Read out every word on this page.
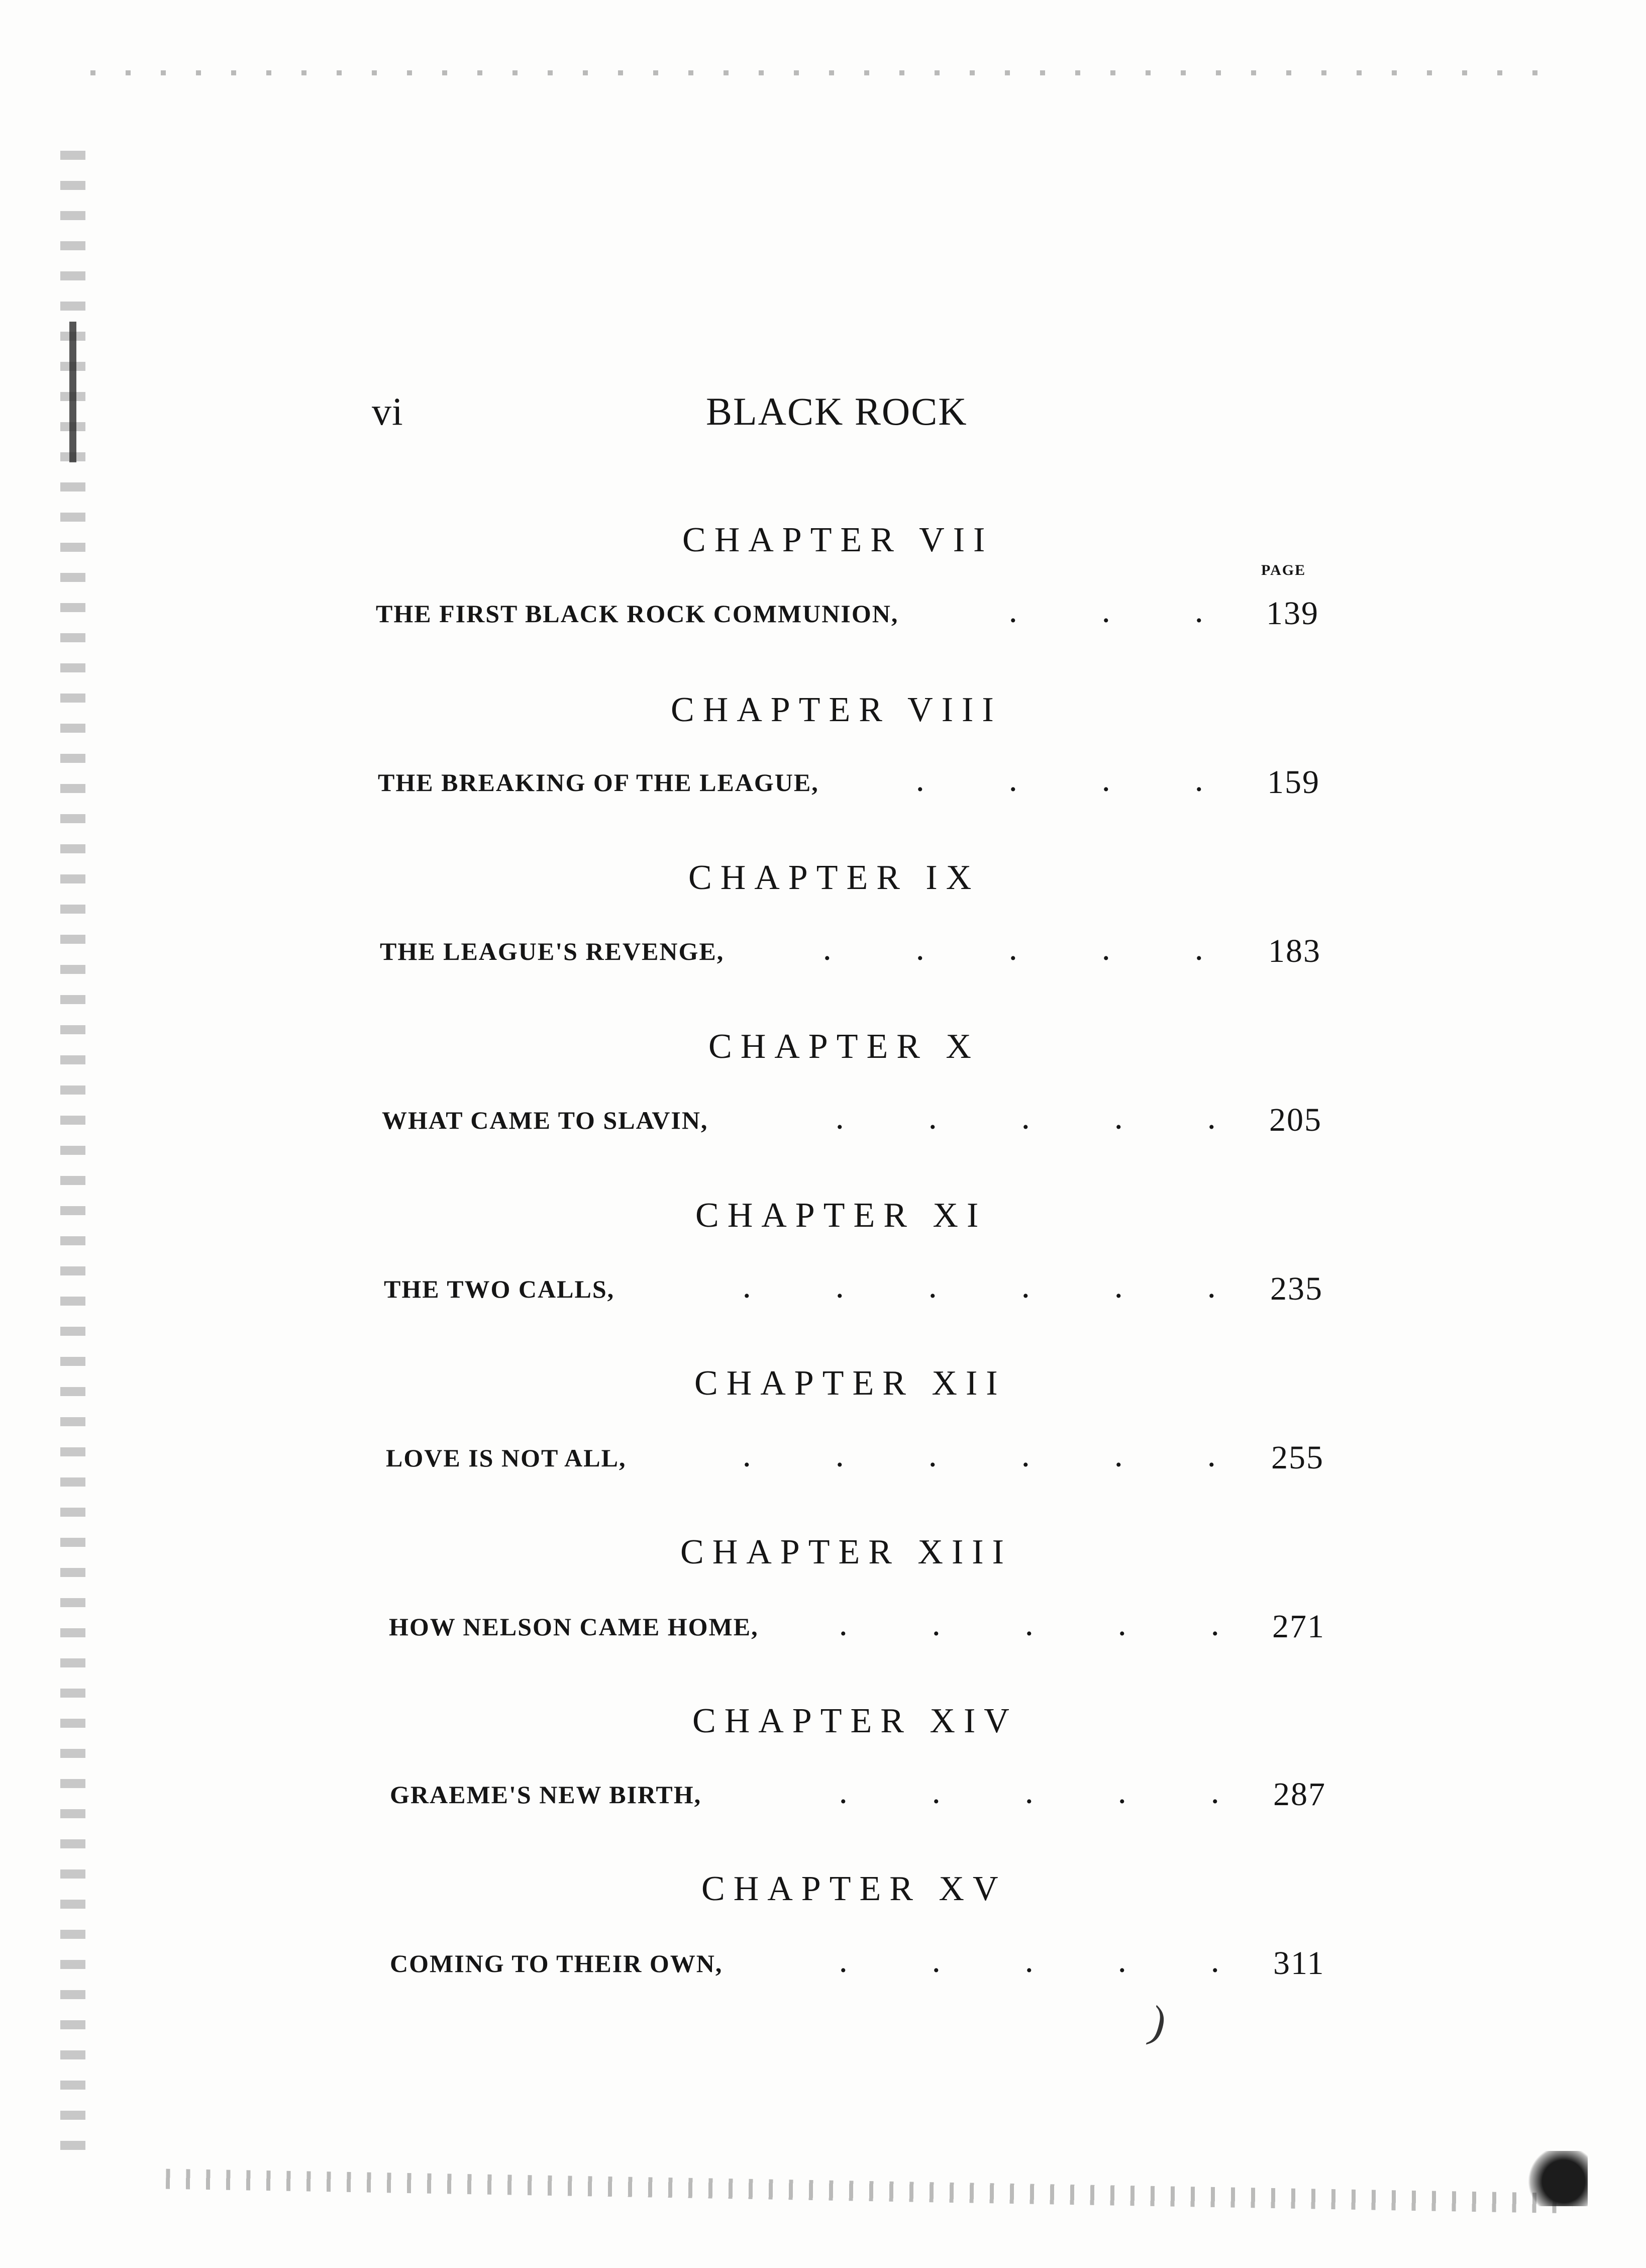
)
vi	BLACK ROCK
PAGE
CHAPTER VII
THE FIRST BLACK ROCK COMMUNION,	.	.	.	139
CHAPTER VIII
THE BREAKING OF THE LEAGUE,	.	.	.	.	159
CHAPTER IX
THE LEAGUE'S REVENGE,	.	.	.	.	.	183
CHAPTER X
WHAT CAME TO SLAVIN,	.	.	.	.	.	205
CHAPTER XI
THE TWO CALLS,	.	.	.	.	.	.	235
CHAPTER XII
LOVE IS NOT ALL,	.	.	.	.	.	.	255
CHAPTER XIII
HOW NELSON CAME HOME,	.	.	.	.	.	271
CHAPTER XIV
GRAEME'S NEW BIRTH,	.	.	.	.	.	287
CHAPTER XV
COMING TO THEIR OWN,	.	.	.	.	.	311
